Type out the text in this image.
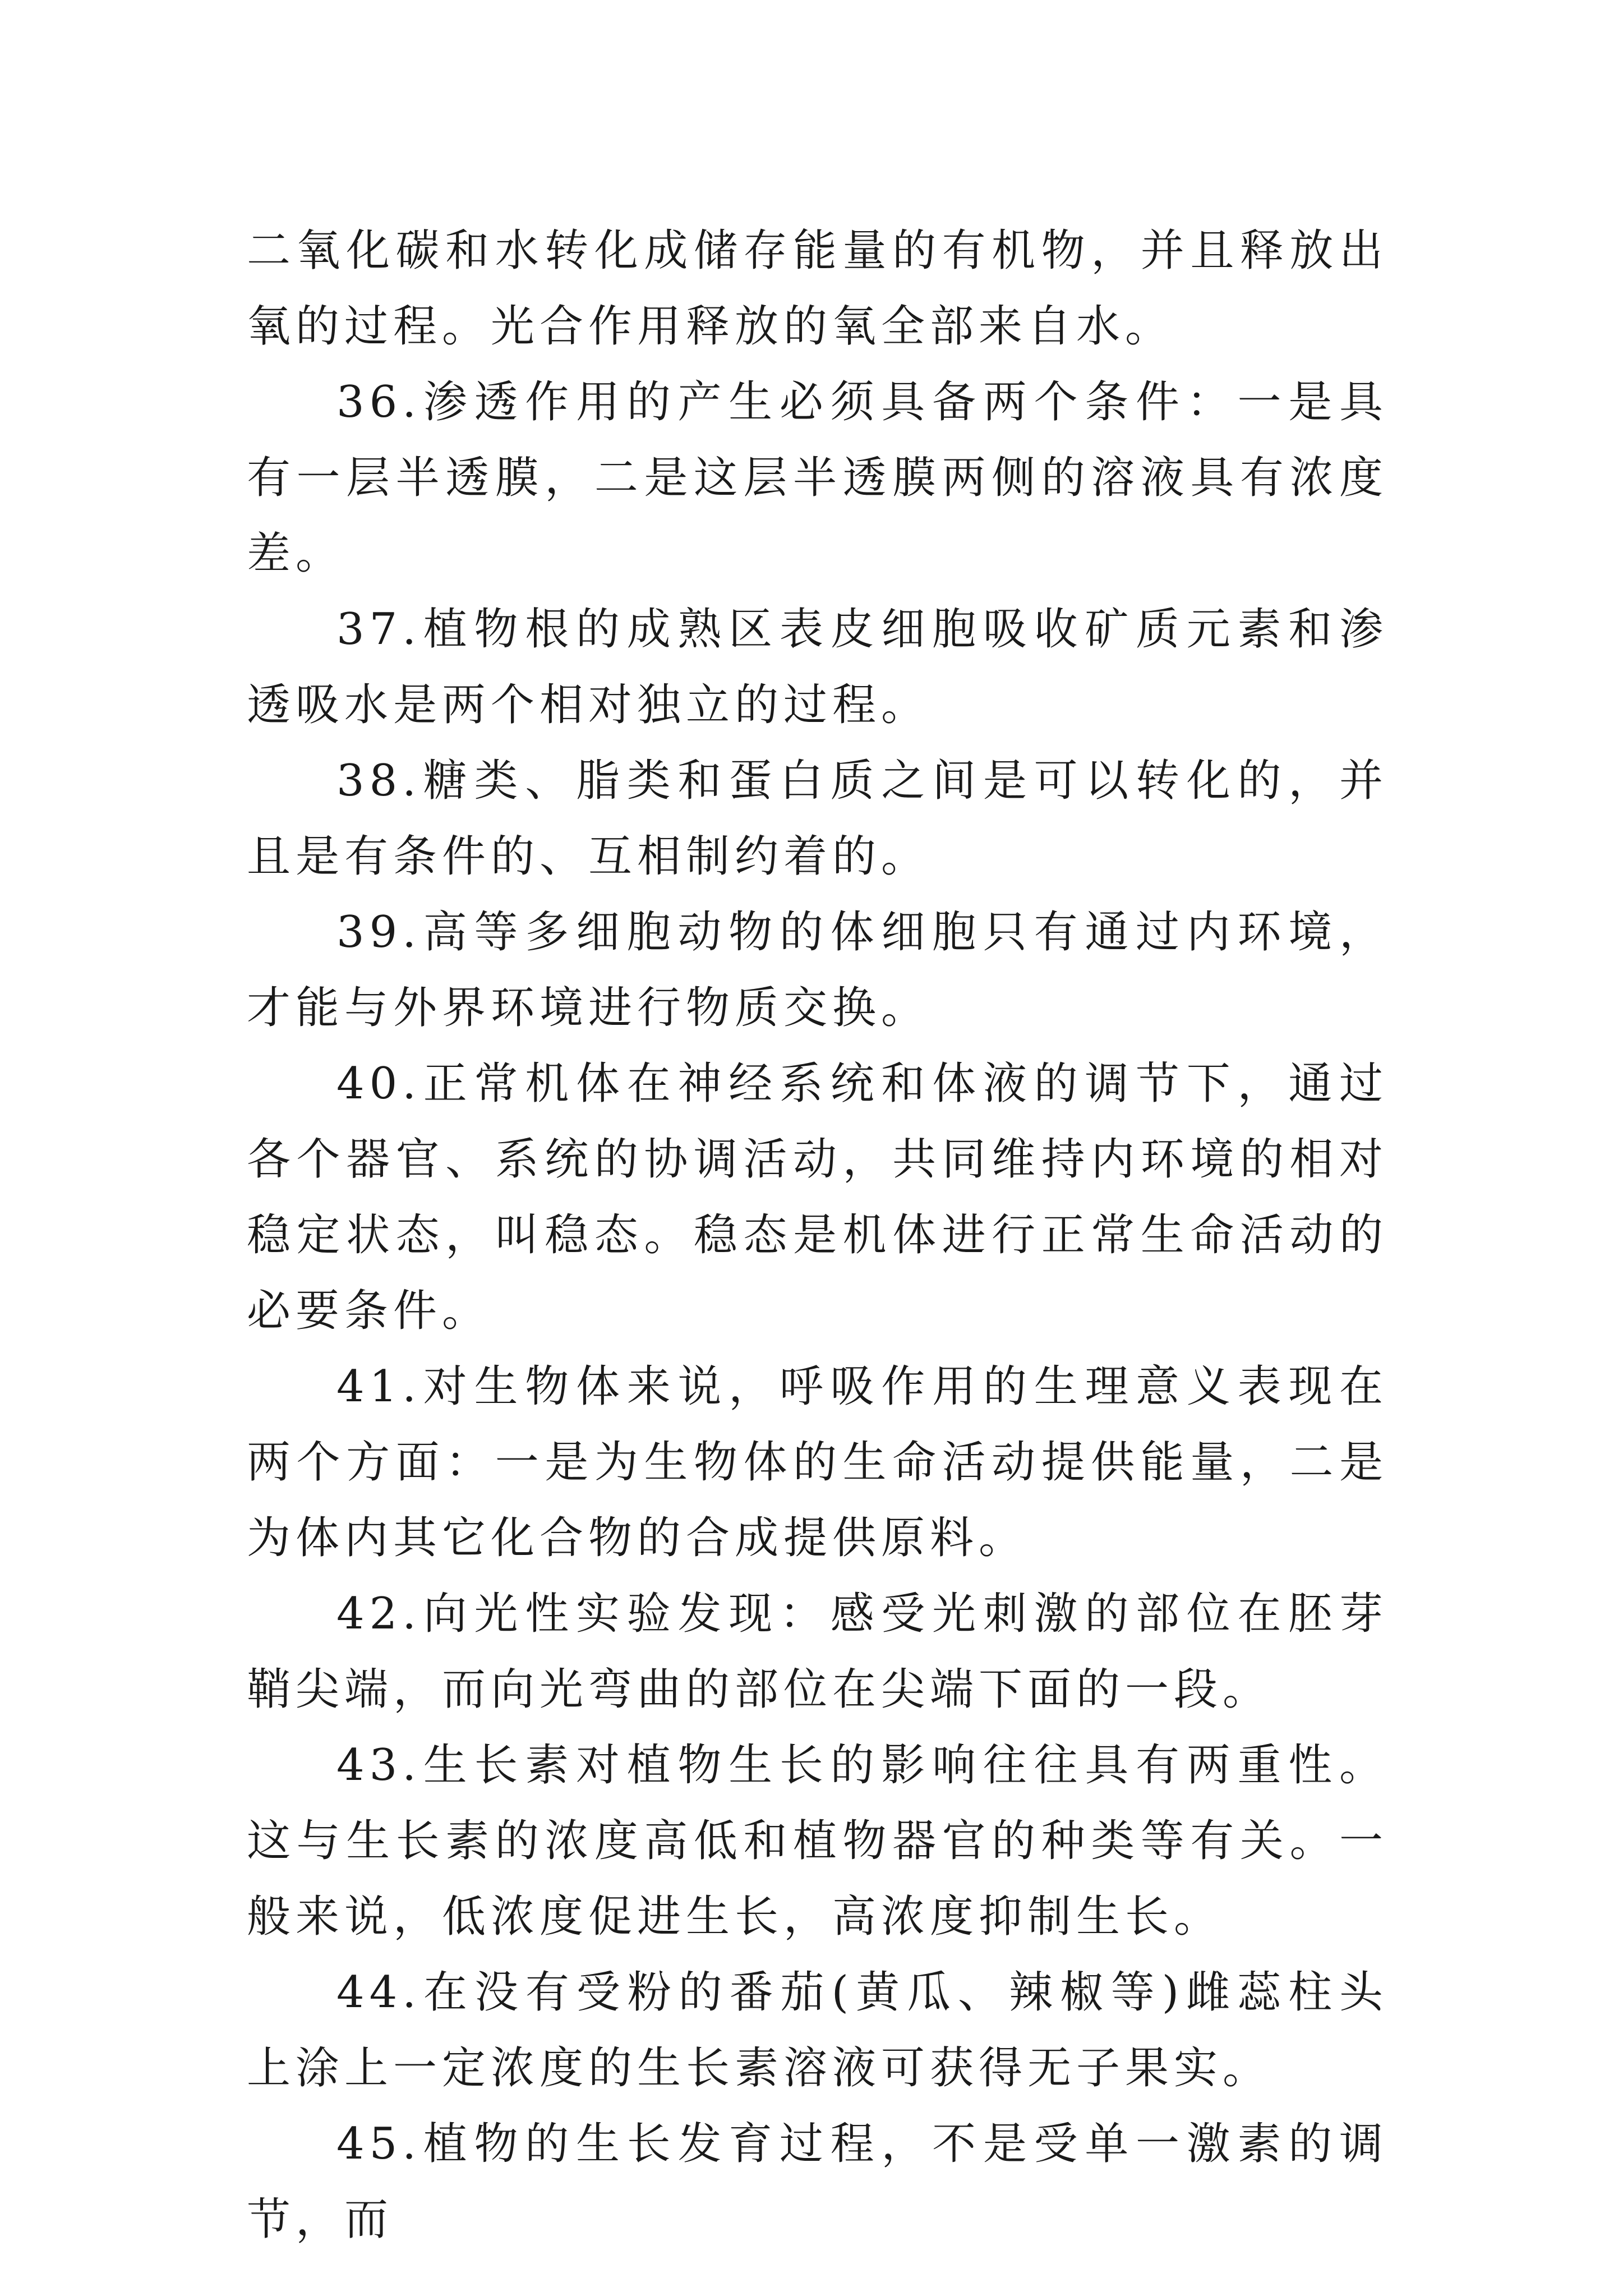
二氧化碳和水转化成储存能量的有机物，并且释放出氧的过程。光合作用释放的氧全部来自水。

36.渗透作用的产生必须具备两个条件：一是具有一层半透膜，二是这层半透膜两侧的溶液具有浓度差。

37.植物根的成熟区表皮细胞吸收矿质元素和渗透吸水是两个相对独立的过程。

38.糖类、脂类和蛋白质之间是可以转化的，并且是有条件的、互相制约着的。

39.高等多细胞动物的体细胞只有通过内环境，才能与外界环境进行物质交换。

40.正常机体在神经系统和体液的调节下，通过各个器官、系统的协调活动，共同维持内环境的相对稳定状态，叫稳态。稳态是机体进行正常生命活动的必要条件。

41.对生物体来说，呼吸作用的生理意义表现在两个方面：一是为生物体的生命活动提供能量，二是为体内其它化合物的合成提供原料。

42.向光性实验发现：感受光刺激的部位在胚芽鞘尖端，而向光弯曲的部位在尖端下面的一段。

43.生长素对植物生长的影响往往具有两重性。这与生长素的浓度高低和植物器官的种类等有关。一般来说，低浓度促进生长，高浓度抑制生长。

44.在没有受粉的番茄(黄瓜、辣椒等)雌蕊柱头上涂上一定浓度的生长素溶液可获得无子果实。

45.植物的生长发育过程，不是受单一激素的调节，而
